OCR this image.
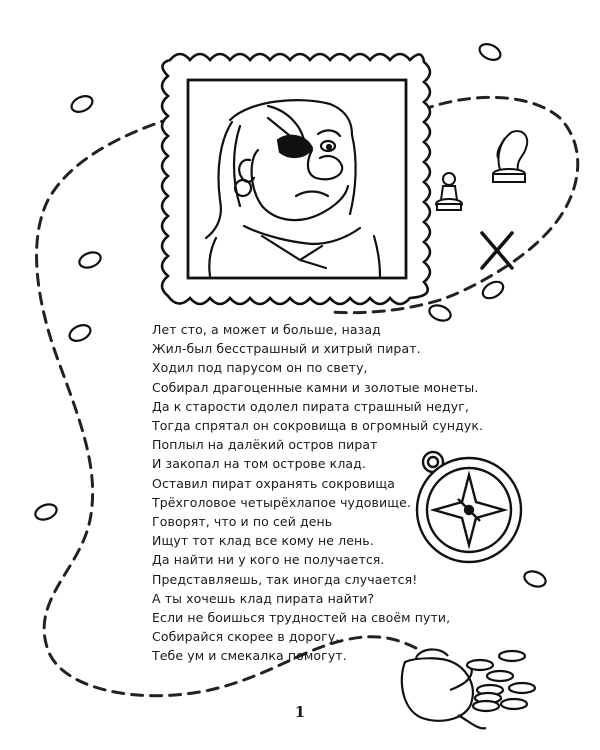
Лет сто, а может и больше, назад
Жил-был бесстрашный и хитрый пират.
Ходил под парусом он по свету,
Собирал драгоценные камни и золотые монеты.
Да к старости одолел пирата страшный недуг,
Тогда спрятал он сокровища в огромный сундук.
Поплыл на далёкий остров пират
И закопал на том острове клад.
Оставил пират охранять сокровища
Трёхголовое четырёхлапое чудовище.
Говорят, что и по сей день
Ищут тот клад все кому не лень.
Да найти ни у кого не получается.
Представляешь, так иногда случается!
А ты хочешь клад пирата найти?
Если не боишься трудностей на своём пути,
Собирайся скорее в дорогу.
Тебе ум и смекалка помогут.
1
